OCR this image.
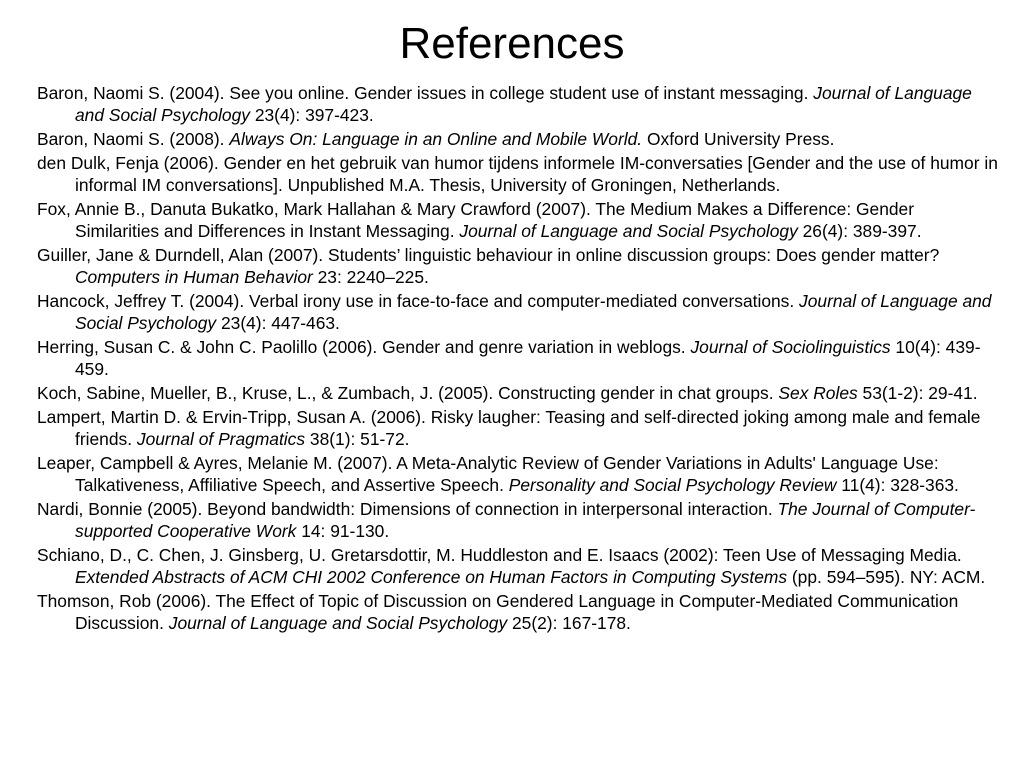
References
Baron, Naomi S. (2004). See you online. Gender issues in college student use of instant messaging. Journal of Language and Social Psychology 23(4): 397-423.
Baron, Naomi S. (2008). Always On: Language in an Online and Mobile World. Oxford University Press.
den Dulk, Fenja (2006). Gender en het gebruik van humor tijdens informele IM-conversaties [Gender and the use of humor in informal IM conversations]. Unpublished M.A. Thesis, University of Groningen, Netherlands.
Fox, Annie B., Danuta Bukatko, Mark Hallahan & Mary Crawford (2007). The Medium Makes a Difference: Gender Similarities and Differences in Instant Messaging. Journal of Language and Social Psychology 26(4): 389-397.
Guiller, Jane & Durndell, Alan (2007). Students’ linguistic behaviour in online discussion groups: Does gender matter? Computers in Human Behavior 23: 2240–225.
Hancock, Jeffrey T. (2004). Verbal irony use in face-to-face and computer-mediated conversations. Journal of Language and Social Psychology 23(4): 447-463.
Herring, Susan C. & John C. Paolillo (2006). Gender and genre variation in weblogs. Journal of Sociolinguistics 10(4): 439-459.
Koch, Sabine, Mueller, B., Kruse, L., & Zumbach, J. (2005). Constructing gender in chat groups. Sex Roles 53(1-2): 29-41.
Lampert, Martin D. & Ervin-Tripp, Susan A. (2006). Risky laugher: Teasing and self-directed joking among male and female friends. Journal of Pragmatics 38(1): 51-72.
Leaper, Campbell & Ayres, Melanie M. (2007). A Meta-Analytic Review of Gender Variations in Adults' Language Use: Talkativeness, Affiliative Speech, and Assertive Speech. Personality and Social Psychology Review 11(4): 328-363.
Nardi, Bonnie (2005). Beyond bandwidth: Dimensions of connection in interpersonal interaction. The Journal of Computer-supported Cooperative Work 14: 91-130.
Schiano, D., C. Chen, J. Ginsberg, U. Gretarsdottir, M. Huddleston and E. Isaacs (2002): Teen Use of Messaging Media. Extended Abstracts of ACM CHI 2002 Conference on Human Factors in Computing Systems (pp. 594–595). NY: ACM.
Thomson, Rob (2006). The Effect of Topic of Discussion on Gendered Language in Computer-Mediated Communication Discussion. Journal of Language and Social Psychology 25(2): 167-178.
